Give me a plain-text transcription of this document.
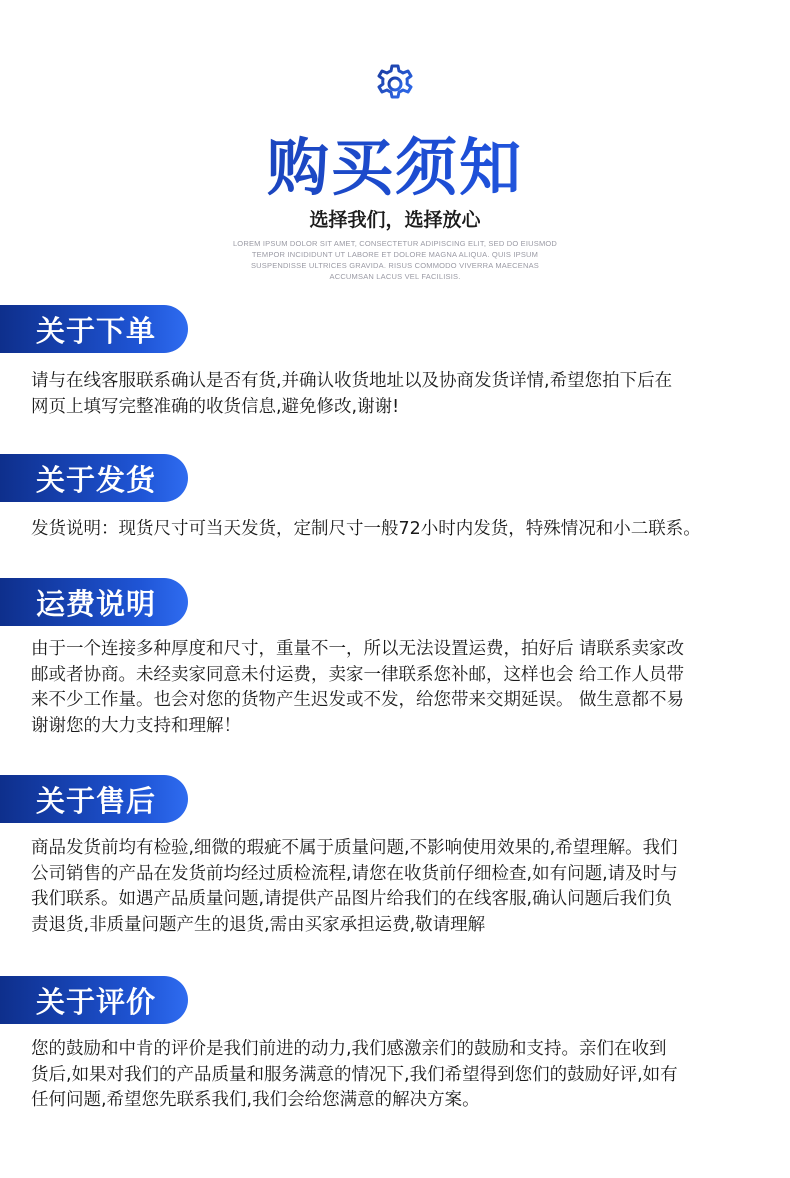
购买须知
选择我们，选择放心
LOREM IPSUM DOLOR SIT AMET, CONSECTETUR ADIPISCING ELIT, SED DO EIUSMOD
TEMPOR INCIDIDUNT UT LABORE ET DOLORE MAGNA ALIQUA. QUIS IPSUM
SUSPENDISSE ULTRICES GRAVIDA. RISUS COMMODO VIVERRA MAECENAS
ACCUMSAN LACUS VEL FACILISIS.
关于下单
请与在线客服联系确认是否有货,并确认收货地址以及协商发货详情,希望您拍下后在
网页上填写完整准确的收货信息,避免修改,谢谢!
关于发货
发货说明：现货尺寸可当天发货，定制尺寸一般72小时内发货，特殊情况和小二联系。
运费说明
由于一个连接多种厚度和尺寸，重量不一，所以无法设置运费，拍好后 请联系卖家改
邮或者协商。未经卖家同意未付运费，卖家一律联系您补邮，这样也会 给工作人员带
来不少工作量。也会对您的货物产生迟发或不发，给您带来交期延误。 做生意都不易
谢谢您的大力支持和理解！
关于售后
商品发货前均有检验,细微的瑕疵不属于质量问题,不影响使用效果的,希望理解。我们
公司销售的产品在发货前均经过质检流程,请您在收货前仔细检查,如有问题,请及时与
我们联系。如遇产品质量问题,请提供产品图片给我们的在线客服,确认问题后我们负
责退货,非质量问题产生的退货,需由买家承担运费,敬请理解
关于评价
您的鼓励和中肯的评价是我们前进的动力,我们感激亲们的鼓励和支持。亲们在收到
货后,如果对我们的产品质量和服务满意的情况下,我们希望得到您们的鼓励好评,如有
任何问题,希望您先联系我们,我们会给您满意的解决方案。
